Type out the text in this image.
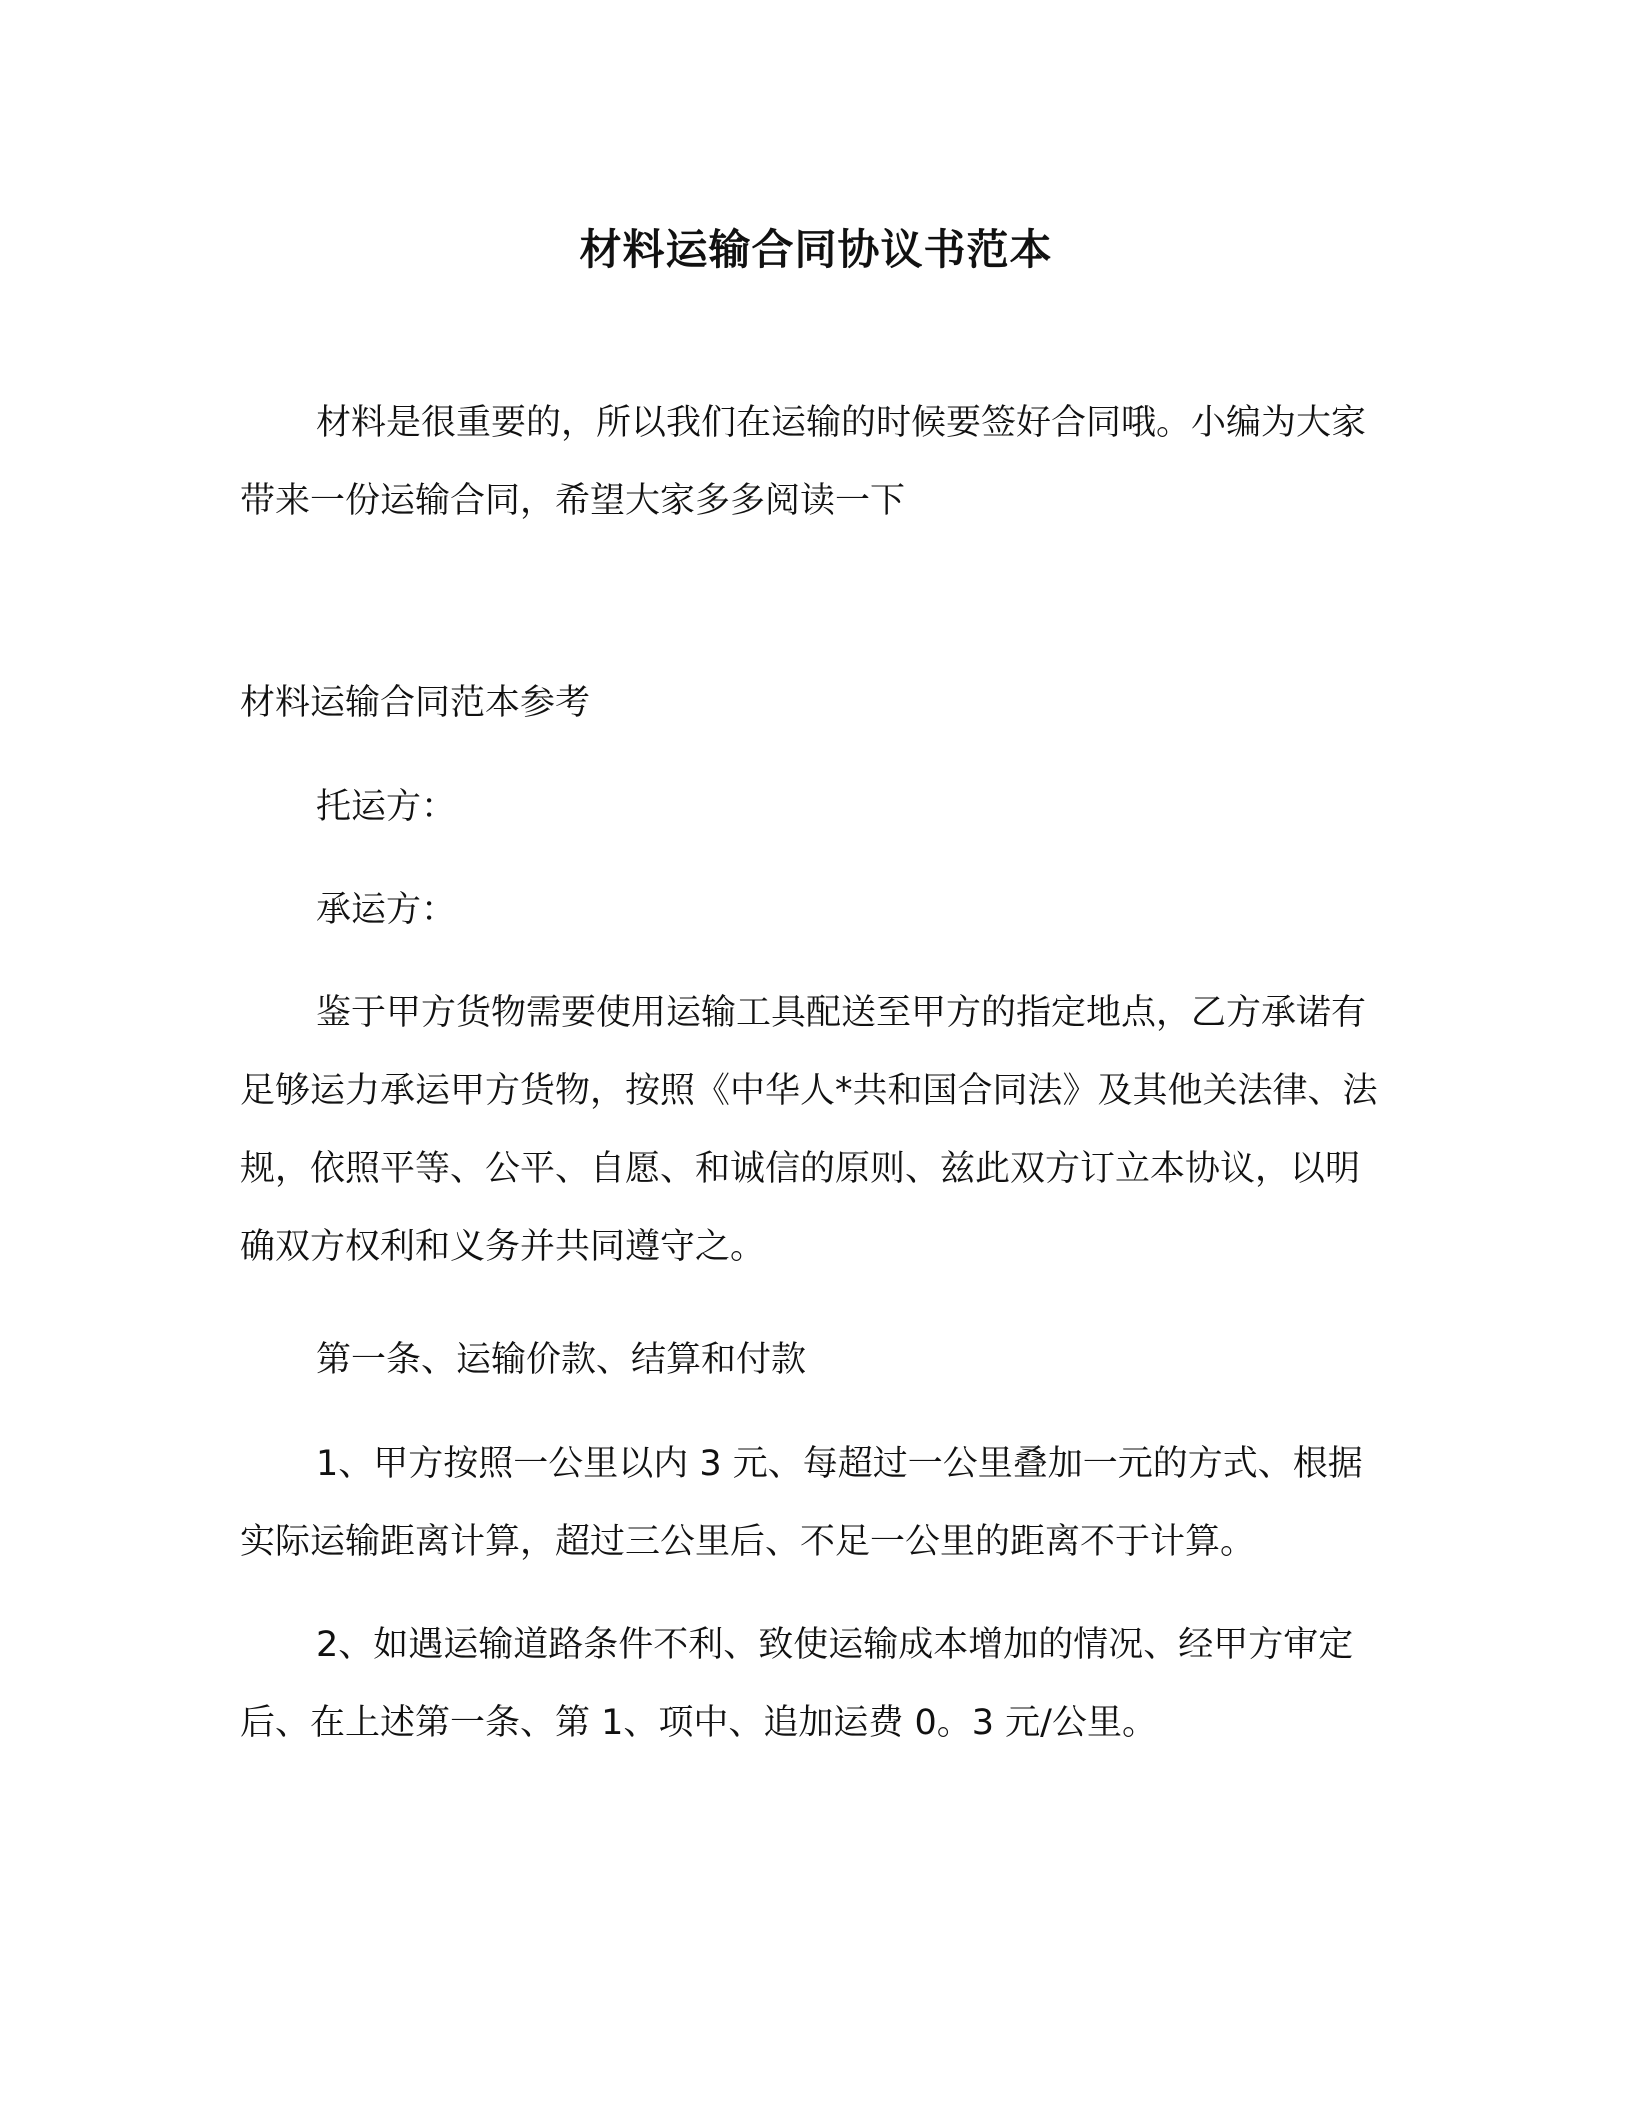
材料运输合同协议书范本

材料是很重要的，所以我们在运输的时候要签好合同哦。小编为大家带来一份运输合同，希望大家多多阅读一下

材料运输合同范本参考

托运方：

承运方：

鉴于甲方货物需要使用运输工具配送至甲方的指定地点，乙方承诺有足够运力承运甲方货物，按照《中华人*共和国合同法》及其他关法律、法规，依照平等、公平、自愿、和诚信的原则、兹此双方订立本协议，以明确双方权利和义务并共同遵守之。

第一条、运输价款、结算和付款

1、甲方按照一公里以内 3 元、每超过一公里叠加一元的方式、根据实际运输距离计算，超过三公里后、不足一公里的距离不于计算。

2、如遇运输道路条件不利、致使运输成本增加的情况、经甲方审定后、在上述第一条、第 1、项中、追加运费 0。3 元/公里。
